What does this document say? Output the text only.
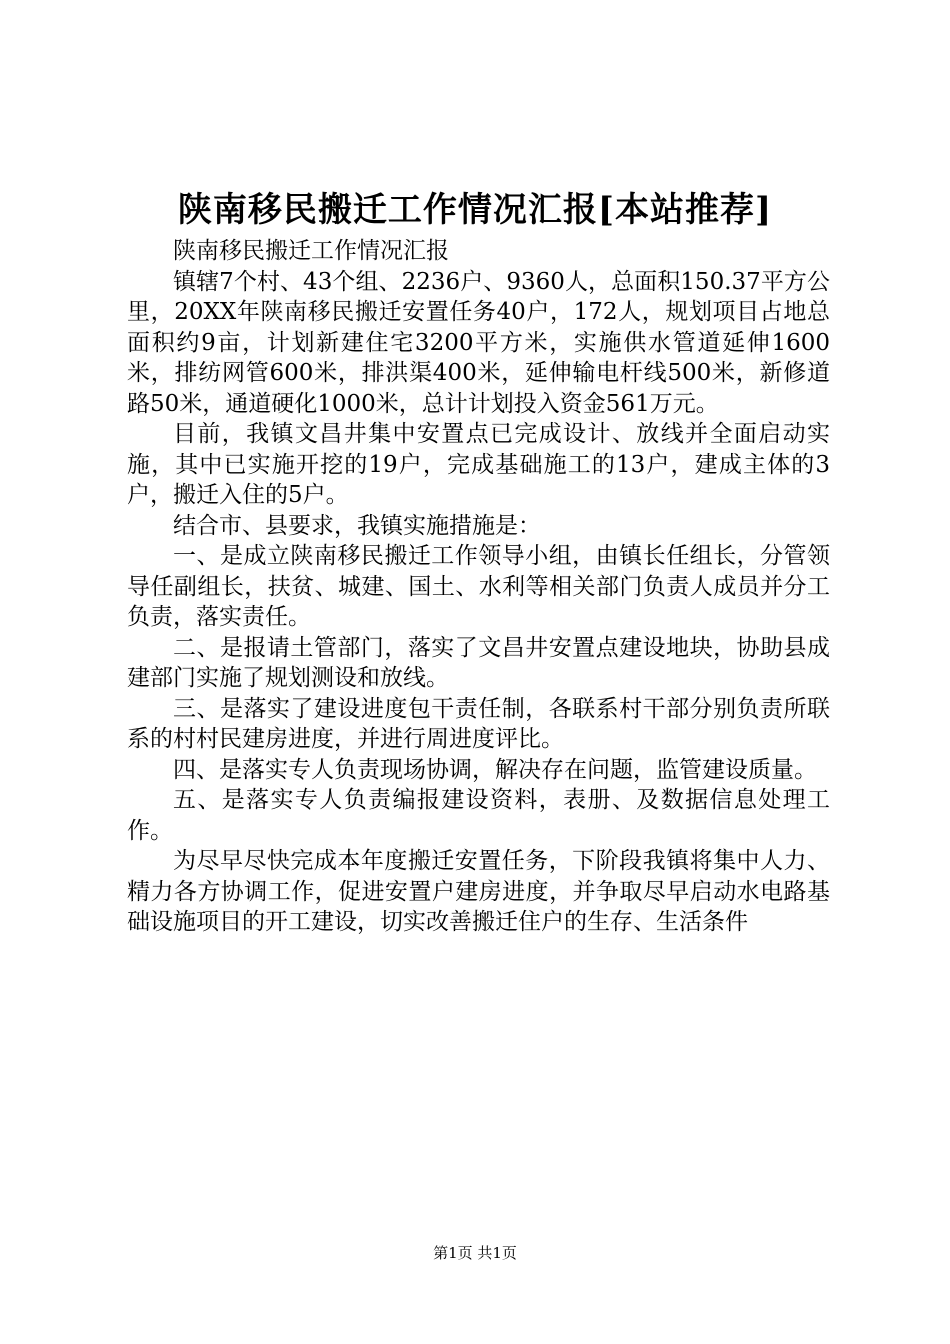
陕南移民搬迁工作情况汇报[本站推荐]

陕南移民搬迁工作情况汇报

镇辖7个村、43个组、2236户、9360人，总面积150.37平方公里，20XX年陕南移民搬迁安置任务40户，172人，规划项目占地总面积约9亩，计划新建住宅3200平方米，实施供水管道延伸1600米，排纺网管600米，排洪渠400米，延伸输电杆线500米，新修道路50米，通道硬化1000米，总计计划投入资金561万元。

目前，我镇文昌井集中安置点已完成设计、放线并全面启动实施，其中已实施开挖的19户，完成基础施工的13户，建成主体的3户，搬迁入住的5户。

结合市、县要求，我镇实施措施是：

一、是成立陕南移民搬迁工作领导小组，由镇长任组长，分管领导任副组长，扶贫、城建、国土、水利等相关部门负责人成员并分工负责，落实责任。

二、是报请土管部门，落实了文昌井安置点建设地块，协助县成建部门实施了规划测设和放线。

三、是落实了建设进度包干责任制，各联系村干部分别负责所联系的村村民建房进度，并进行周进度评比。

四、是落实专人负责现场协调，解决存在问题，监管建设质量。

五、是落实专人负责编报建设资料，表册、及数据信息处理工作。

为尽早尽快完成本年度搬迁安置任务，下阶段我镇将集中人力、精力各方协调工作，促进安置户建房进度，并争取尽早启动水电路基础设施项目的开工建设，切实改善搬迁住户的生存、生活条件

第1页 共1页
